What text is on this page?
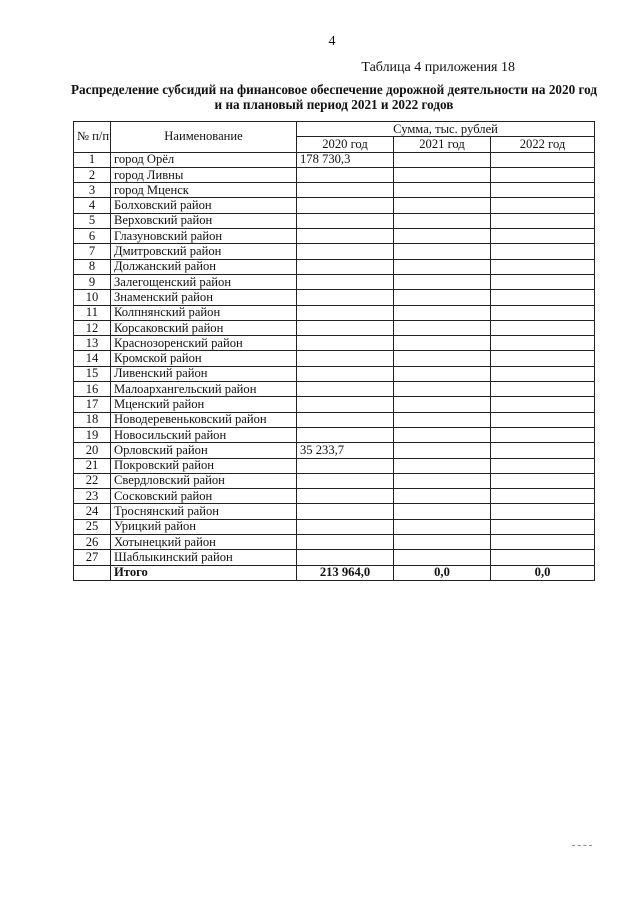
4
Таблица 4 приложения 18
Распределение субсидий на финансовое обеспечение дорожной деятельности на 2020 год
и на плановый период 2021 и 2022 годов
№ п/п	Наименование	Сумма, тыс. рублей		
		2020 год	2021 год	2022 год
1	город Орёл	178 730,3		
2	город Ливны			
3	город Мценск			
4	Болховский район			
5	Верховский район			
6	Глазуновский район			
7	Дмитровский район			
8	Должанский район			
9	Залегощенский район			
10	Знаменский район			
11	Колпнянский район			
12	Корсаковский район			
13	Краснозоренский район			
14	Кромской район			
15	Ливенский район			
16	Малоархангельский район			
17	Мценский район			
18	Новодеревеньковский район			
19	Новосильский район			
20	Орловский район	35 233,7		
21	Покровский район			
22	Свердловский район			
23	Сосковский район			
24	Троснянский район			
25	Урицкий район			
26	Хотынецкий район			
27	Шаблыкинский район			
	Итого	213 964,0	0,0	0,0
